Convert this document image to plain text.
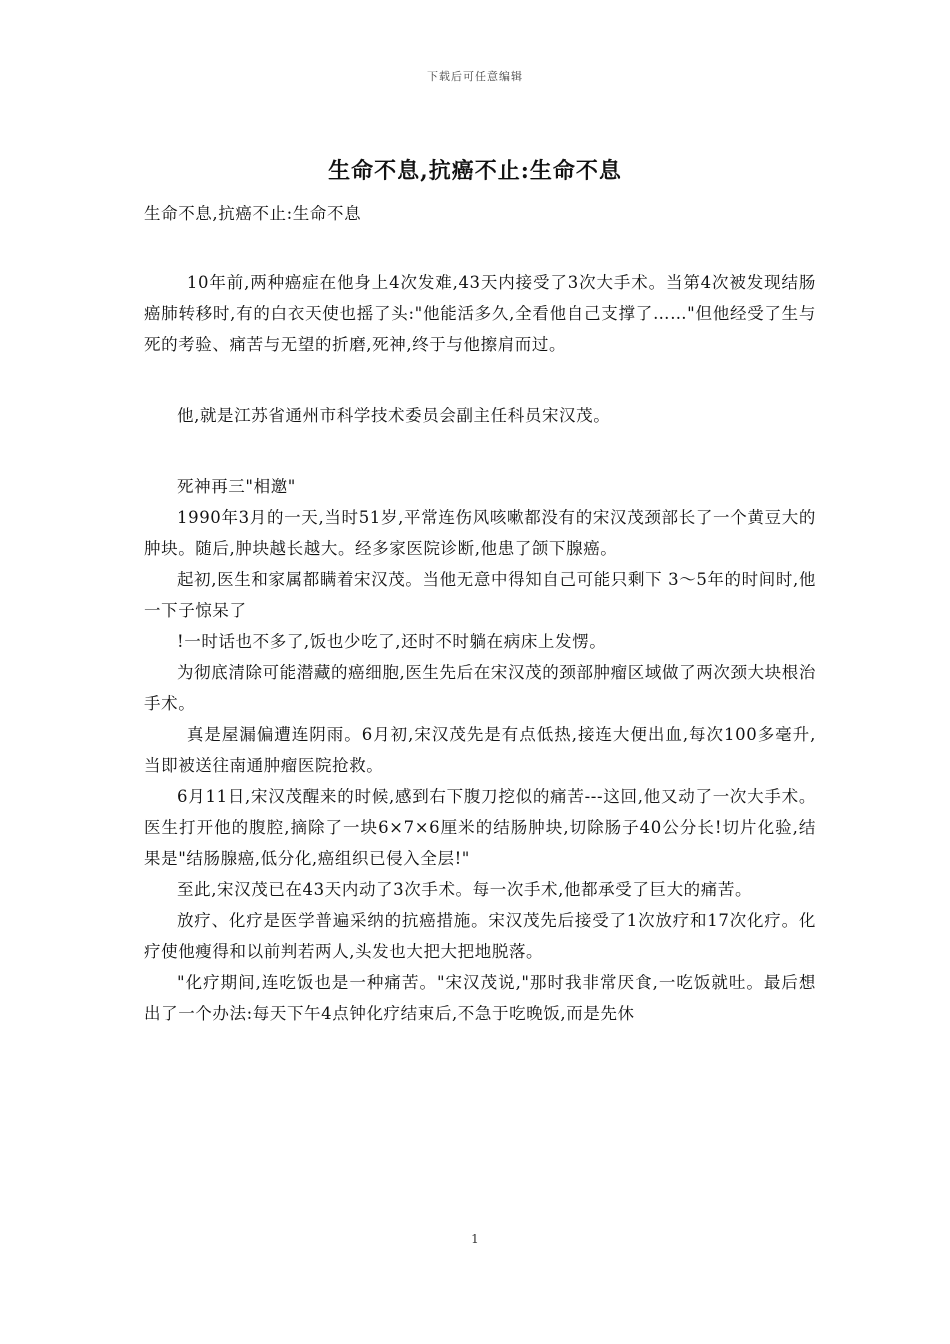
下载后可任意编辑
生命不息,抗癌不止:生命不息

生命不息,抗癌不止:生命不息

10年前,两种癌症在他身上4次发难,43天内接受了3次大手术。当第4次被发现结肠癌肺转移时,有的白衣天使也摇了头:"他能活多久,全看他自己支撑了……"但他经受了生与死的考验、痛苦与无望的折磨,死神,终于与他擦肩而过。

他,就是江苏省通州市科学技术委员会副主任科员宋汉茂。

死神再三"相邀"

1990年3月的一天,当时51岁,平常连伤风咳嗽都没有的宋汉茂颈部长了一个黄豆大的肿块。随后,肿块越长越大。经多家医院诊断,他患了颌下腺癌。

起初,医生和家属都瞒着宋汉茂。当他无意中得知自己可能只剩下 3～5年的时间时,他一下子惊呆了

!一时话也不多了,饭也少吃了,还时不时躺在病床上发愣。

为彻底清除可能潜藏的癌细胞,医生先后在宋汉茂的颈部肿瘤区域做了两次颈大块根治手术。

真是屋漏偏遭连阴雨。6月初,宋汉茂先是有点低热,接连大便出血,每次100多毫升,当即被送往南通肿瘤医院抢救。

6月11日,宋汉茂醒来的时候,感到右下腹刀挖似的痛苦---这回,他又动了一次大手术。医生打开他的腹腔,摘除了一块6×7×6厘米的结肠肿块,切除肠子40公分长!切片化验,结果是"结肠腺癌,低分化,癌组织已侵入全层!"

至此,宋汉茂已在43天内动了3次手术。每一次手术,他都承受了巨大的痛苦。

放疗、化疗是医学普遍采纳的抗癌措施。宋汉茂先后接受了1次放疗和17次化疗。化疗使他瘦得和以前判若两人,头发也大把大把地脱落。

"化疗期间,连吃饭也是一种痛苦。"宋汉茂说,"那时我非常厌食,一吃饭就吐。最后想出了一个办法:每天下午4点钟化疗结束后,不急于吃晚饭,而是先休

1
